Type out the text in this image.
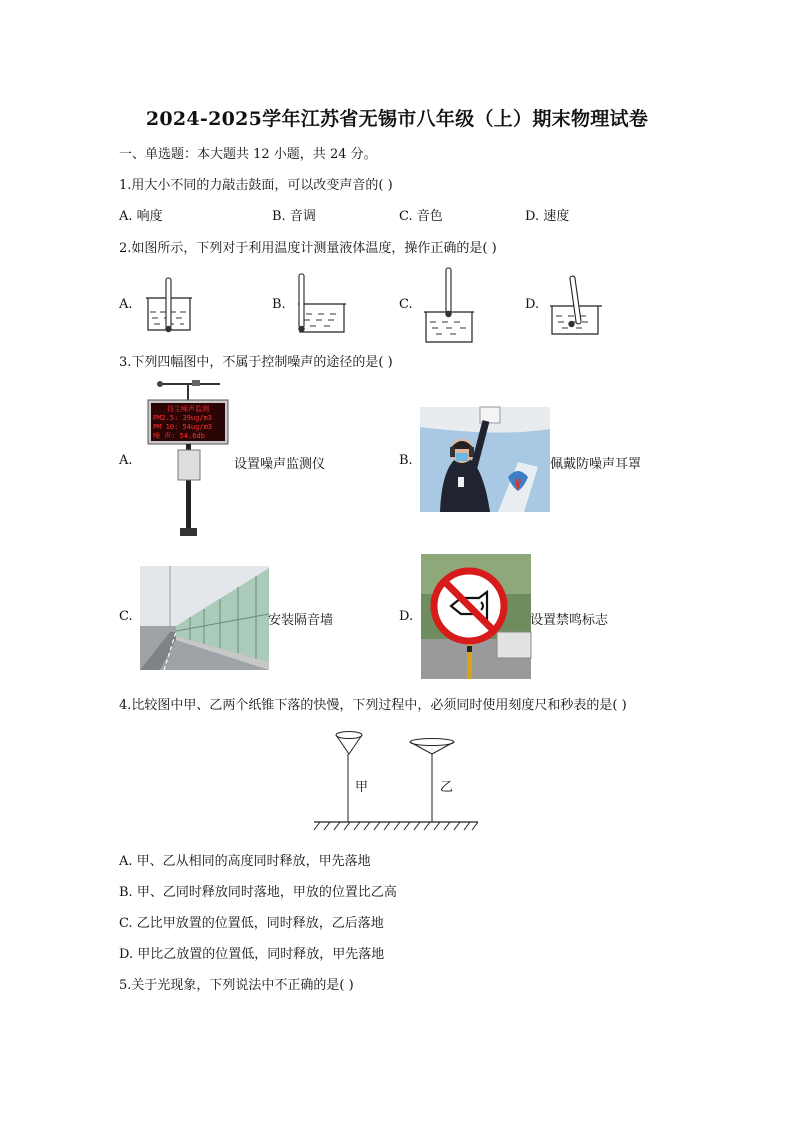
2024-2025学年江苏省无锡市八年级（上）期末物理试卷
一、单选题：本大题共 12 小题，共 24 分。
1.用大小不同的力敲击鼓面，可以改变声音的( )
A. 响度	B. 音调	C. 音色	D. 速度
2.如图所示，下列对于利用温度计测量液体温度，操作正确的是( )
A.	B.	C.	D.
3.下列四幅图中，不属于控制噪声的途径的是( )
A.
扬尘噪声监测
PM2.5: 39ug/m3
PM 10: 54ug/m3
噪 声: 54.6db
设置噪声监测仪	B.	佩戴防噪声耳罩
C.	安装隔音墙	D.	设置禁鸣标志
4.比较图中甲、乙两个纸锥下落的快慢，下列过程中，必须同时使用刻度尺和秒表的是( )
甲	乙
A. 甲、乙从相同的高度同时释放，甲先落地
B. 甲、乙同时释放同时落地，甲放的位置比乙高
C. 乙比甲放置的位置低，同时释放，乙后落地
D. 甲比乙放置的位置低，同时释放，甲先落地
5.关于光现象，下列说法中不正确的是( )
